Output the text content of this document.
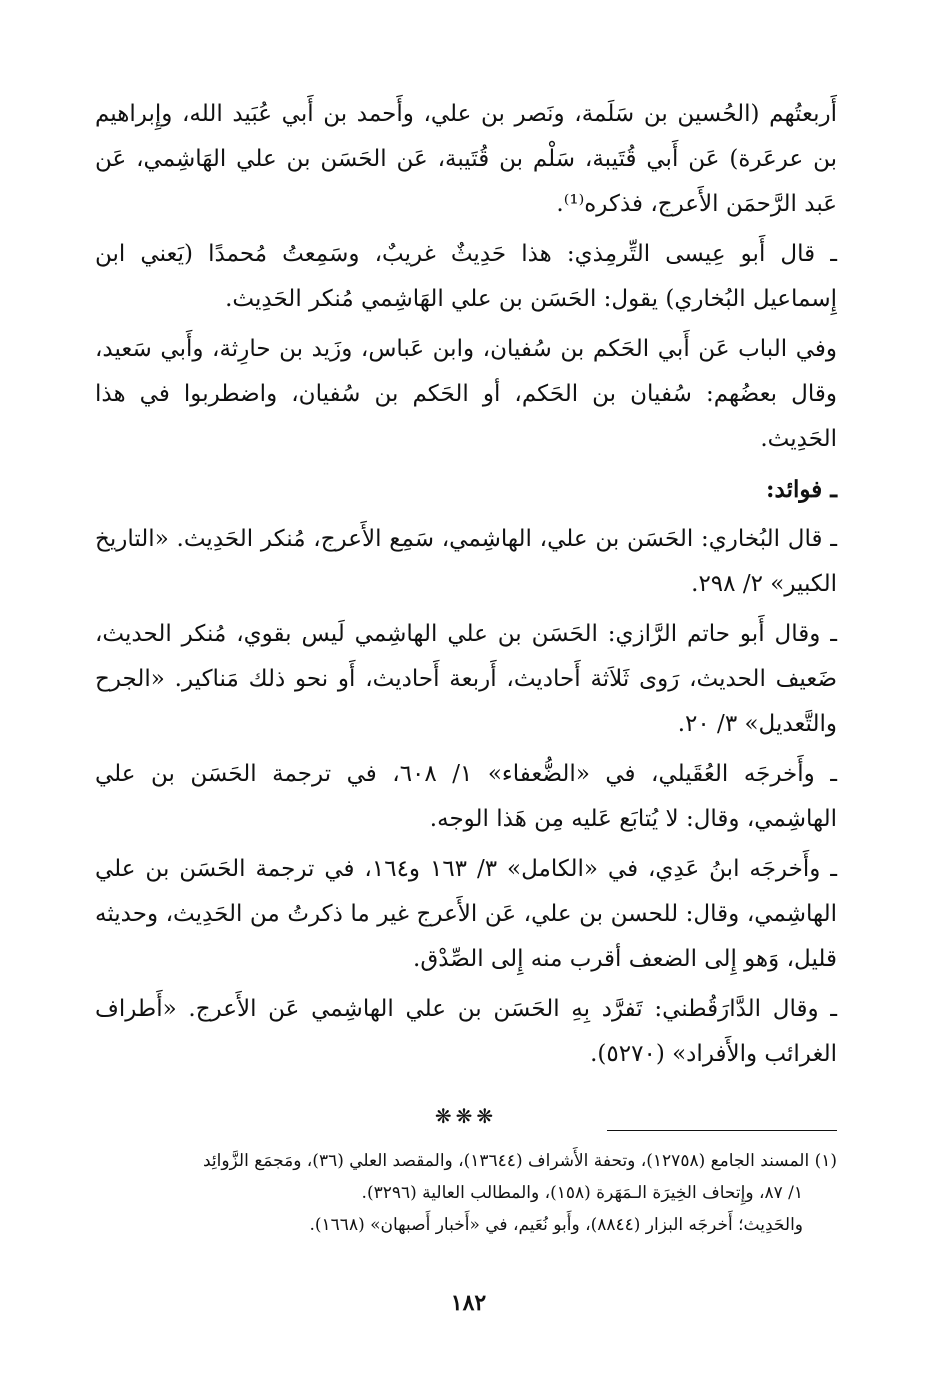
أَربعتُهم (الحُسين بن سَلَمة، ونَصر بن علي، وأَحمد بن أَبي عُبَيد الله، وإِبراهيم بن عرعَرة) عَن أَبي قُتَيبة، سَلْم بن قُتَيبة، عَن الحَسَن بن علي الهَاشِمي، عَن عَبد الرَّحمَن الأَعرج، فذكره⁽¹⁾.

ـ قال أَبو عِيسى التِّرمِذي: هذا حَدِيثٌ غريبٌ، وسَمِعتُ مُحمدًا (يَعني ابن إِسماعيل البُخاري) يقول: الحَسَن بن علي الهَاشِمي مُنكر الحَدِيث.

وفي الباب عَن أَبي الحَكم بن سُفيان، وابن عَباس، وزَيد بن حارِثة، وأَبي سَعيد، وقال بعضُهم: سُفيان بن الحَكم، أو الحَكم بن سُفيان، واضطربوا في هذا الحَدِيث.

ـ فوائد:

ـ قال البُخاري: الحَسَن بن علي، الهاشِمي، سَمِع الأَعرج، مُنكر الحَدِيث. «التاريخ الكبير» ٢/ ٢٩٨.

ـ وقال أَبو حاتم الرَّازي: الحَسَن بن علي الهاشِمي لَيس بقوي، مُنكر الحديث، ضَعيف الحديث، رَوى ثَلاَثة أَحاديث، أَربعة أَحاديث، أَو نحو ذلك مَناكير. «الجرح والتَّعديل» ٣/ ٢٠.

ـ وأَخرجَه العُقَيلي، في «الضُّعفاء» ١/ ٦٠٨، في ترجمة الحَسَن بن علي الهاشِمي، وقال: لا يُتابَع عَليه مِن هَذا الوجه.

ـ وأَخرجَه ابنُ عَدِي، في «الكامل» ٣/ ١٦٣ و١٦٤، في ترجمة الحَسَن بن علي الهاشِمي، وقال: للحسن بن علي، عَن الأَعرج غير ما ذكرتُ من الحَدِيث، وحديثه قليل، وَهو إِلى الضعف أقرب منه إِلى الصِّدْق.

ـ وقال الدَّارَقُطني: تَفرَّد بِهِ الحَسَن بن علي الهاشِمي عَن الأَعرج. «أَطراف الغرائب والأَفراد» (٥٢٧٠).

❋❋❋

(١) المسند الجامع (١٢٧٥٨)، وتحفة الأَشراف (١٣٦٤٤)، والمقصد العلي (٣٦)، ومَجمَع الزَّوائِد

١/ ٨٧، وإِتحاف الخِيرَة الـمَهَرة (١٥٨)، والمطالب العالية (٣٢٩٦).

والحَدِيث؛ أَخرجَه البزار (٨٨٤٤)، وأَبو نُعَيم، في «أَخبار أَصبهان» (١٦٦٨).

١٨٢
